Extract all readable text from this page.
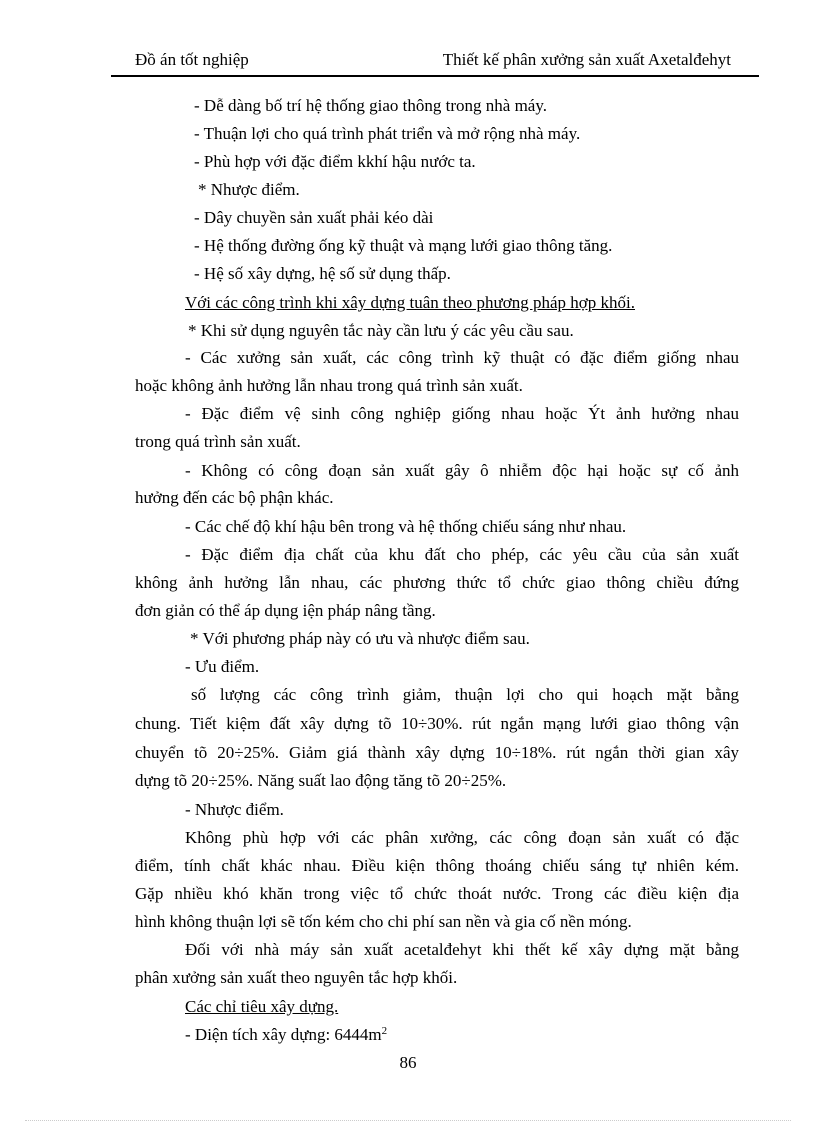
Đồ án tốt nghiệp	Thiết kế phân xưởng sản xuất Axetalđehyt
- Dễ dàng bố trí hệ thống giao thông trong nhà máy.
- Thuận lợi cho quá trình phát triển và mở rộng nhà máy.
- Phù hợp với đặc điểm kkhí hậu nước ta.
* Nhược điểm.
- Dây chuyền sản xuất phải kéo dài
- Hệ thống đường ống kỹ thuật và mạng lưới giao thông tăng.
- Hệ số xây dựng, hệ số sử dụng thấp.
Với các công trình khi xây dựng tuân theo phương pháp hợp khối.
* Khi sử dụng nguyên tắc này cần lưu ý các yêu cầu sau.
- Các xưởng sản xuất, các công trình kỹ thuật có đặc điểm giống nhau
hoặc không ảnh hưởng lẫn nhau trong quá trình sản xuất.
- Đặc điểm vệ sinh công nghiệp giống nhau hoặc Ýt ảnh hưởng nhau
trong quá trình sản xuất.
- Không có công đoạn sản xuất gây ô nhiễm độc hại hoặc sự cố ảnh
hưởng đến các bộ phận khác.
- Các chế độ khí hậu bên trong và hệ thống chiếu sáng như nhau.
- Đặc điểm địa chất của khu đất cho phép, các yêu cầu của sản xuất
không ảnh hưởng lẫn nhau, các phương thức tổ chức giao thông chiều đứng
đơn giản có thể áp dụng iện pháp nâng tầng.
* Với phương pháp này có ưu và nhược điểm sau.
- Ưu điểm.
số lượng các công trình giảm, thuận lợi cho qui hoạch mặt bằng
chung. Tiết kiệm đất xây dựng tõ 10÷30%. rút ngắn mạng lưới giao thông vận
chuyển tõ 20÷25%. Giảm giá thành xây dựng 10÷18%. rút ngắn thời gian xây
dựng tõ 20÷25%. Năng suất lao động tăng tõ 20÷25%.
- Nhược điểm.
Không phù hợp với các phân xưởng, các công đoạn sản xuất có đặc
điểm, tính chất khác nhau. Điều kiện thông thoáng chiếu sáng tự nhiên kém.
Gặp nhiều khó khăn trong việc tổ chức thoát nước. Trong các điều kiện địa
hình không thuận lợi sẽ tốn kém cho chi phí san nền và gia cố nền móng.
Đối với nhà máy sản xuất acetalđehyt khi thết kế xây dựng mặt bằng
phân xưởng sản xuất theo nguyên tắc hợp khối.
Các chỉ tiêu xây dựng.
- Diện tích xây dựng: $6444m^2$
86
